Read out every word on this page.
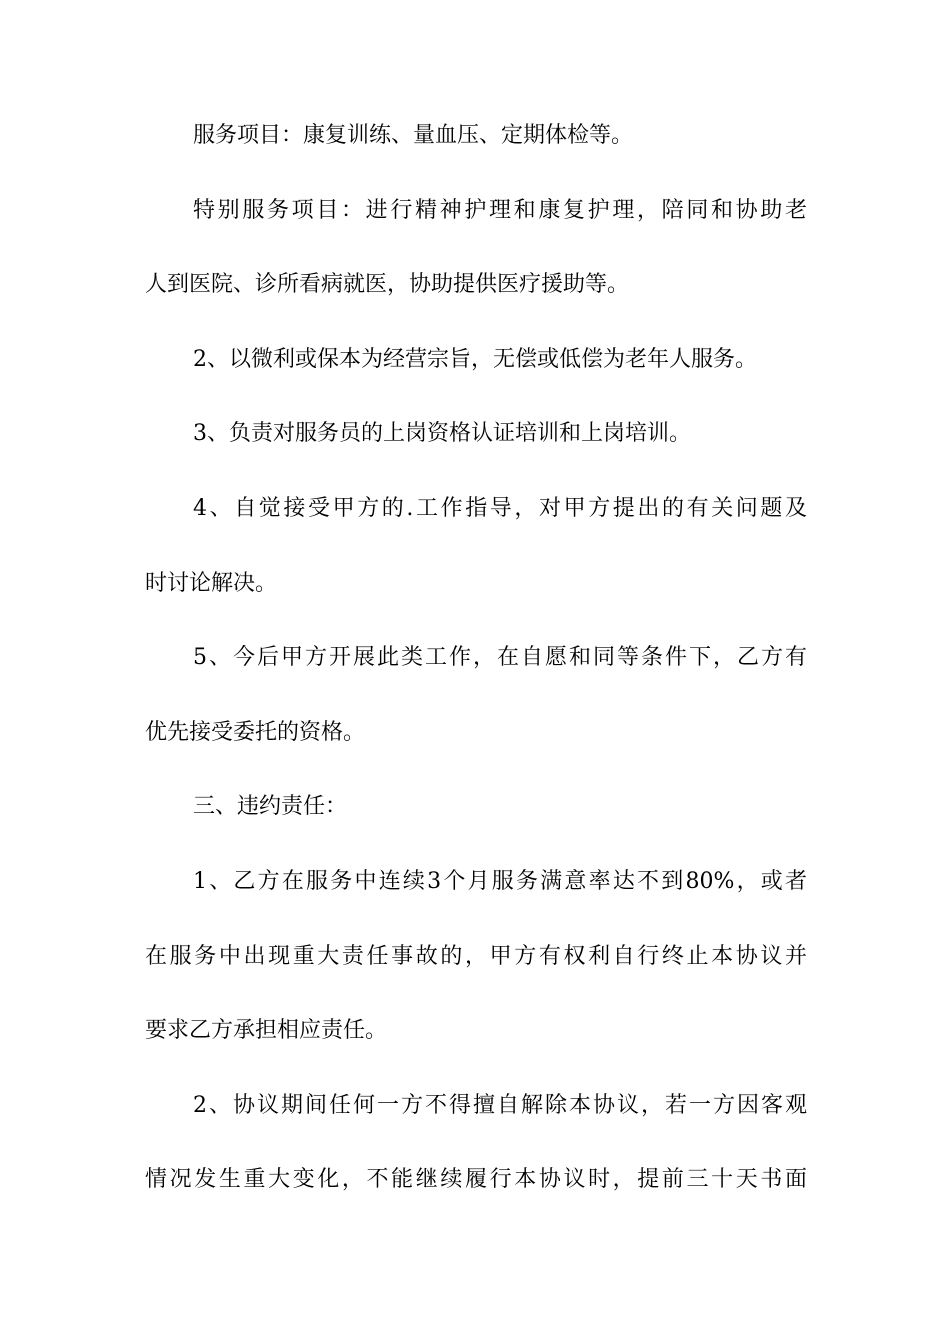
服务项目：康复训练、量血压、定期体检等。
特别服务项目：进行精神护理和康复护理，陪同和协助老
人到医院、诊所看病就医，协助提供医疗援助等。
2、以微利或保本为经营宗旨，无偿或低偿为老年人服务。
3、负责对服务员的上岗资格认证培训和上岗培训。
4、自觉接受甲方的.工作指导，对甲方提出的有关问题及
时讨论解决。
5、今后甲方开展此类工作，在自愿和同等条件下，乙方有
优先接受委托的资格。
三、违约责任：
1、乙方在服务中连续3个月服务满意率达不到80%，或者
在服务中出现重大责任事故的，甲方有权利自行终止本协议并
要求乙方承担相应责任。
2、协议期间任何一方不得擅自解除本协议，若一方因客观
情况发生重大变化，不能继续履行本协议时，提前三十天书面
